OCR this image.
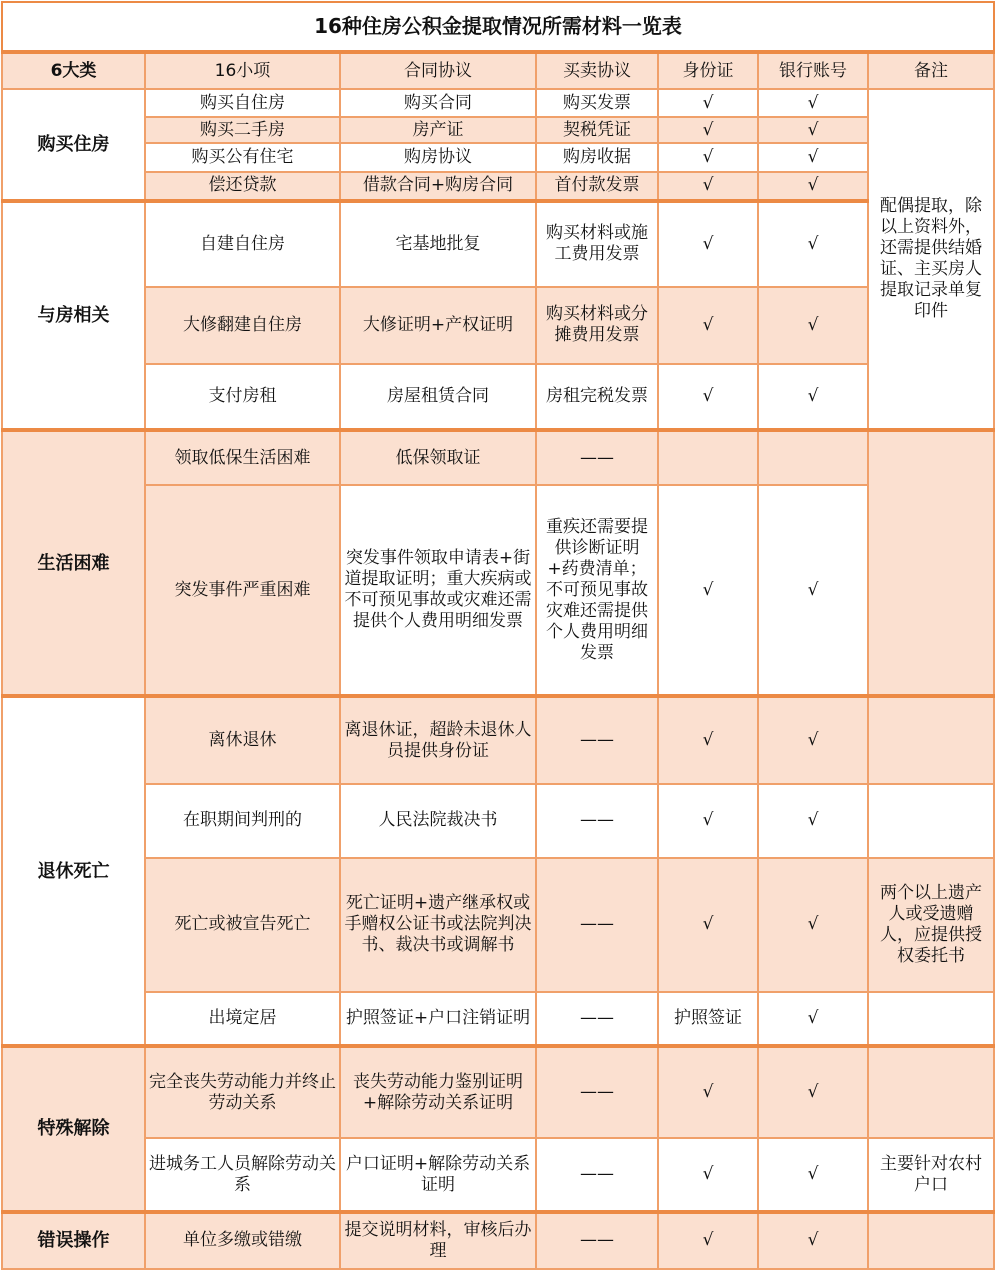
16种住房公积金提取情况所需材料一览表						
6大类	16小项	合同协议	买卖协议	身份证	银行账号	备注
购买住房	购买自住房	购买合同	购买发票	√	√	配偶提取，除以上资料外，还需提供结婚证、主买房人提取记录单复印件
	购买二手房	房产证	契税凭证	√	√	
	购买公有住宅	购房协议	购房收据	√	√	
	偿还贷款	借款合同+购房合同	首付款发票	√	√	
与房相关	自建自住房	宅基地批复	购买材料或施工费用发票	√	√	
	大修翻建自住房	大修证明+产权证明	购买材料或分摊费用发票	√	√	
	支付房租	房屋租赁合同	房租完税发票	√	√	
生活困难	领取低保生活困难	低保领取证	——			
	突发事件严重困难	突发事件领取申请表+街道提取证明；重大疾病或不可预见事故或灾难还需提供个人费用明细发票	重疾还需要提供诊断证明+药费清单；不可预见事故灾难还需提供个人费用明细发票	√	√	
退休死亡	离休退休	离退休证，超龄未退休人员提供身份证	——	√	√	
	在职期间判刑的	人民法院裁决书	——	√	√	
	死亡或被宣告死亡	死亡证明+遗产继承权或手赠权公证书或法院判决书、裁决书或调解书	——	√	√	两个以上遗产人或受遗赠人，应提供授权委托书
	出境定居	护照签证+户口注销证明	——	护照签证	√	
特殊解除	完全丧失劳动能力并终止劳动关系	丧失劳动能力鉴别证明+解除劳动关系证明	——	√	√	
	进城务工人员解除劳动关系	户口证明+解除劳动关系证明	——	√	√	主要针对农村户口
错误操作	单位多缴或错缴	提交说明材料，审核后办理	——	√	√	
